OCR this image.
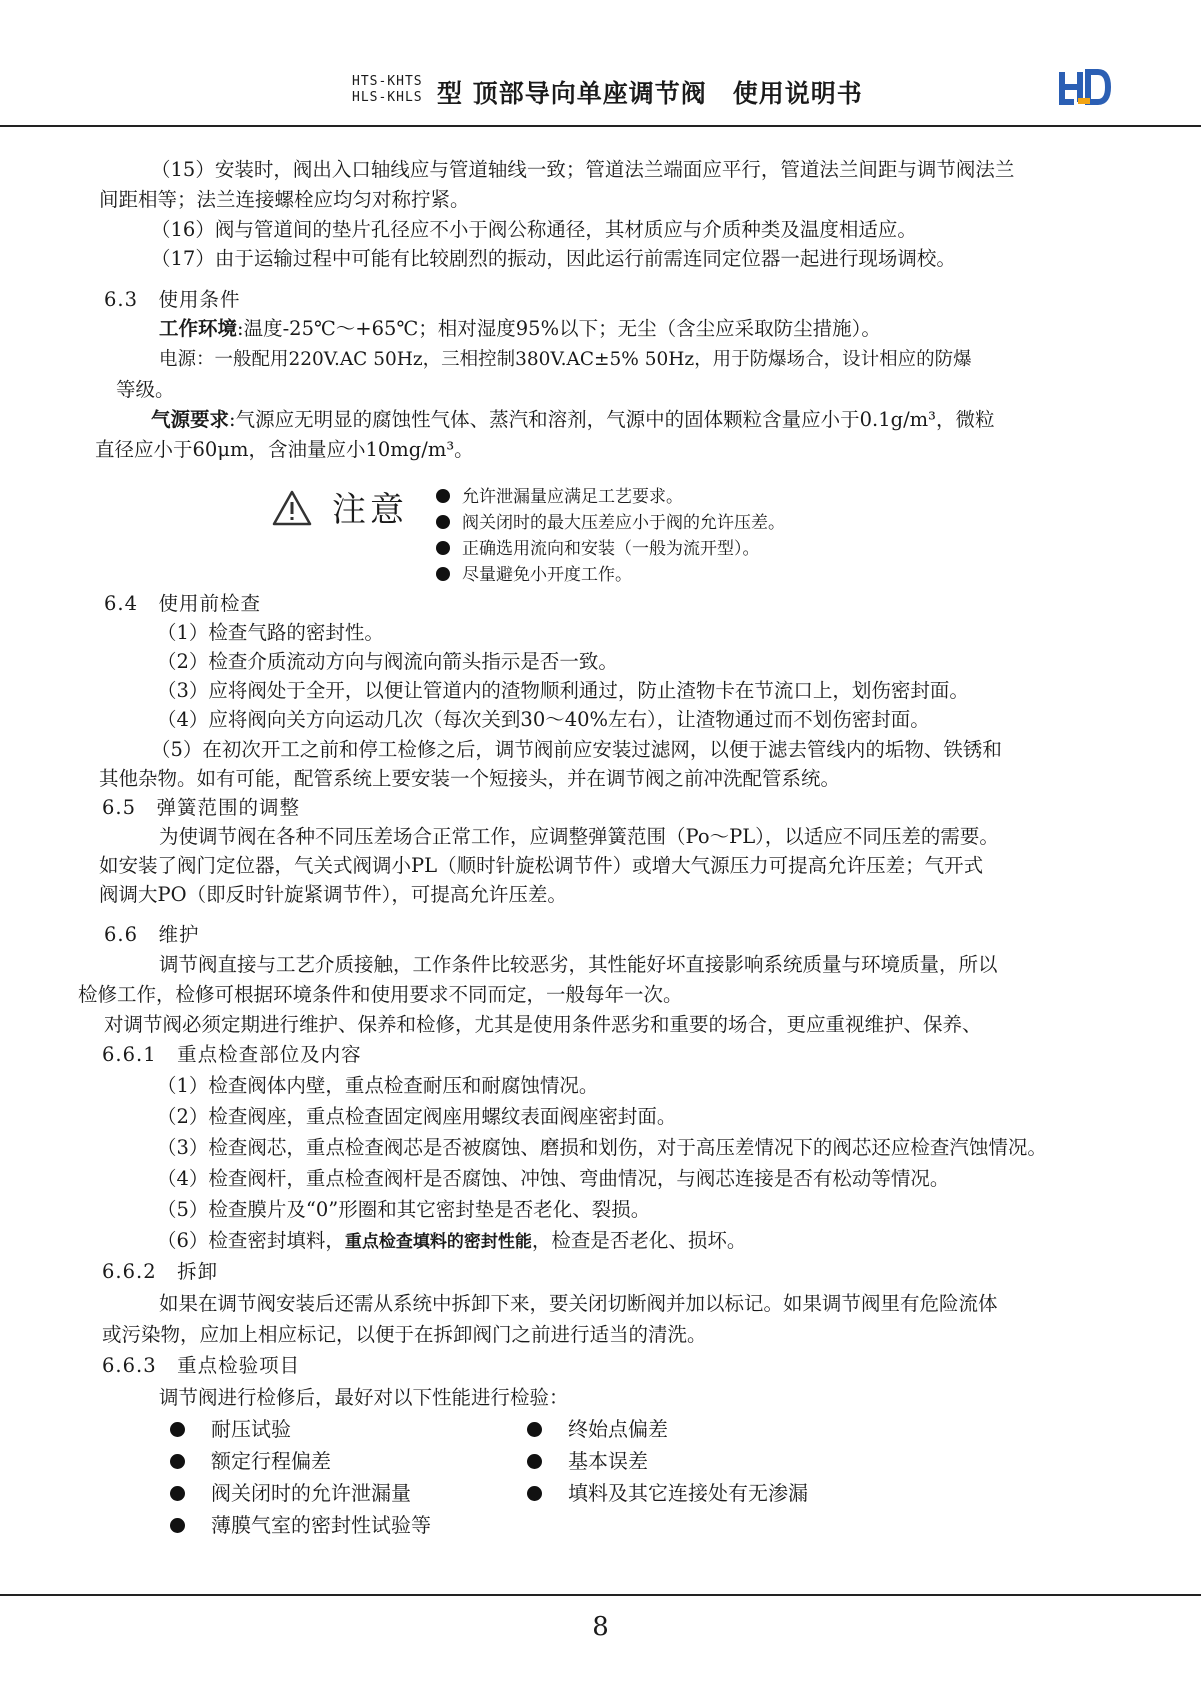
HTS-KHTS
HLS-KHLS 型 顶部导向单座调节阀　使用说明书
（15）安装时，阀出入口轴线应与管道轴线一致；管道法兰端面应平行，管道法兰间距与调节阀法兰
间距相等；法兰连接螺栓应均匀对称拧紧。
（16）阀与管道间的垫片孔径应不小于阀公称通径，其材质应与介质种类及温度相适应。
（17）由于运输过程中可能有比较剧烈的振动，因此运行前需连同定位器一起进行现场调校。
6.3　使用条件
工作环境:温度-25℃～+65℃；相对湿度95%以下；无尘（含尘应采取防尘措施）。
电源：一般配用220V.AC 50Hz，三相控制380V.AC±5% 50Hz，用于防爆场合，设计相应的防爆
等级。
气源要求:气源应无明显的腐蚀性气体、蒸汽和溶剂，气源中的固体颗粒含量应小于0.1g/m³，微粒
直径应小于60μm，含油量应小10mg/m³。
注意	允许泄漏量应满足工艺要求。
阀关闭时的最大压差应小于阀的允许压差。
正确选用流向和安装（一般为流开型）。
尽量避免小开度工作。
6.4　使用前检查
（1）检查气路的密封性。
（2）检查介质流动方向与阀流向箭头指示是否一致。
（3）应将阀处于全开，以便让管道内的渣物顺利通过，防止渣物卡在节流口上，划伤密封面。
（4）应将阀向关方向运动几次（每次关到30～40%左右），让渣物通过而不划伤密封面。
（5）在初次开工之前和停工检修之后，调节阀前应安装过滤网，以便于滤去管线内的垢物、铁锈和
其他杂物。如有可能，配管系统上要安装一个短接头，并在调节阀之前冲洗配管系统。
6.5　弹簧范围的调整
为使调节阀在各种不同压差场合正常工作，应调整弹簧范围（Po～PL），以适应不同压差的需要。
如安装了阀门定位器，气关式阀调小PL（顺时针旋松调节件）或增大气源压力可提高允许压差；气开式
阀调大PO（即反时针旋紧调节件），可提高允许压差。
6.6　维护
调节阀直接与工艺介质接触，工作条件比较恶劣，其性能好坏直接影响系统质量与环境质量，所以
检修工作，检修可根据环境条件和使用要求不同而定，一般每年一次。
对调节阀必须定期进行维护、保养和检修，尤其是使用条件恶劣和重要的场合，更应重视维护、保养、
6.6.1　重点检查部位及内容
（1）检查阀体内壁，重点检查耐压和耐腐蚀情况。
（2）检查阀座，重点检查固定阀座用螺纹表面阀座密封面。
（3）检查阀芯，重点检查阀芯是否被腐蚀、磨损和划伤，对于高压差情况下的阀芯还应检查汽蚀情况。
（4）检查阀杆，重点检查阀杆是否腐蚀、冲蚀、弯曲情况，与阀芯连接是否有松动等情况。
（5）检查膜片及“0”形圈和其它密封垫是否老化、裂损。
（6）检查密封填料，重点检查填料的密封性能，检查是否老化、损坏。
6.6.2　拆卸
如果在调节阀安装后还需从系统中拆卸下来，要关闭切断阀并加以标记。如果调节阀里有危险流体
或污染物，应加上相应标记，以便于在拆卸阀门之前进行适当的清洗。
6.6.3　重点检验项目
调节阀进行检修后，最好对以下性能进行检验：
耐压试验
额定行程偏差
阀关闭时的允许泄漏量
薄膜气室的密封性试验等
终始点偏差
基本误差
填料及其它连接处有无渗漏
8
